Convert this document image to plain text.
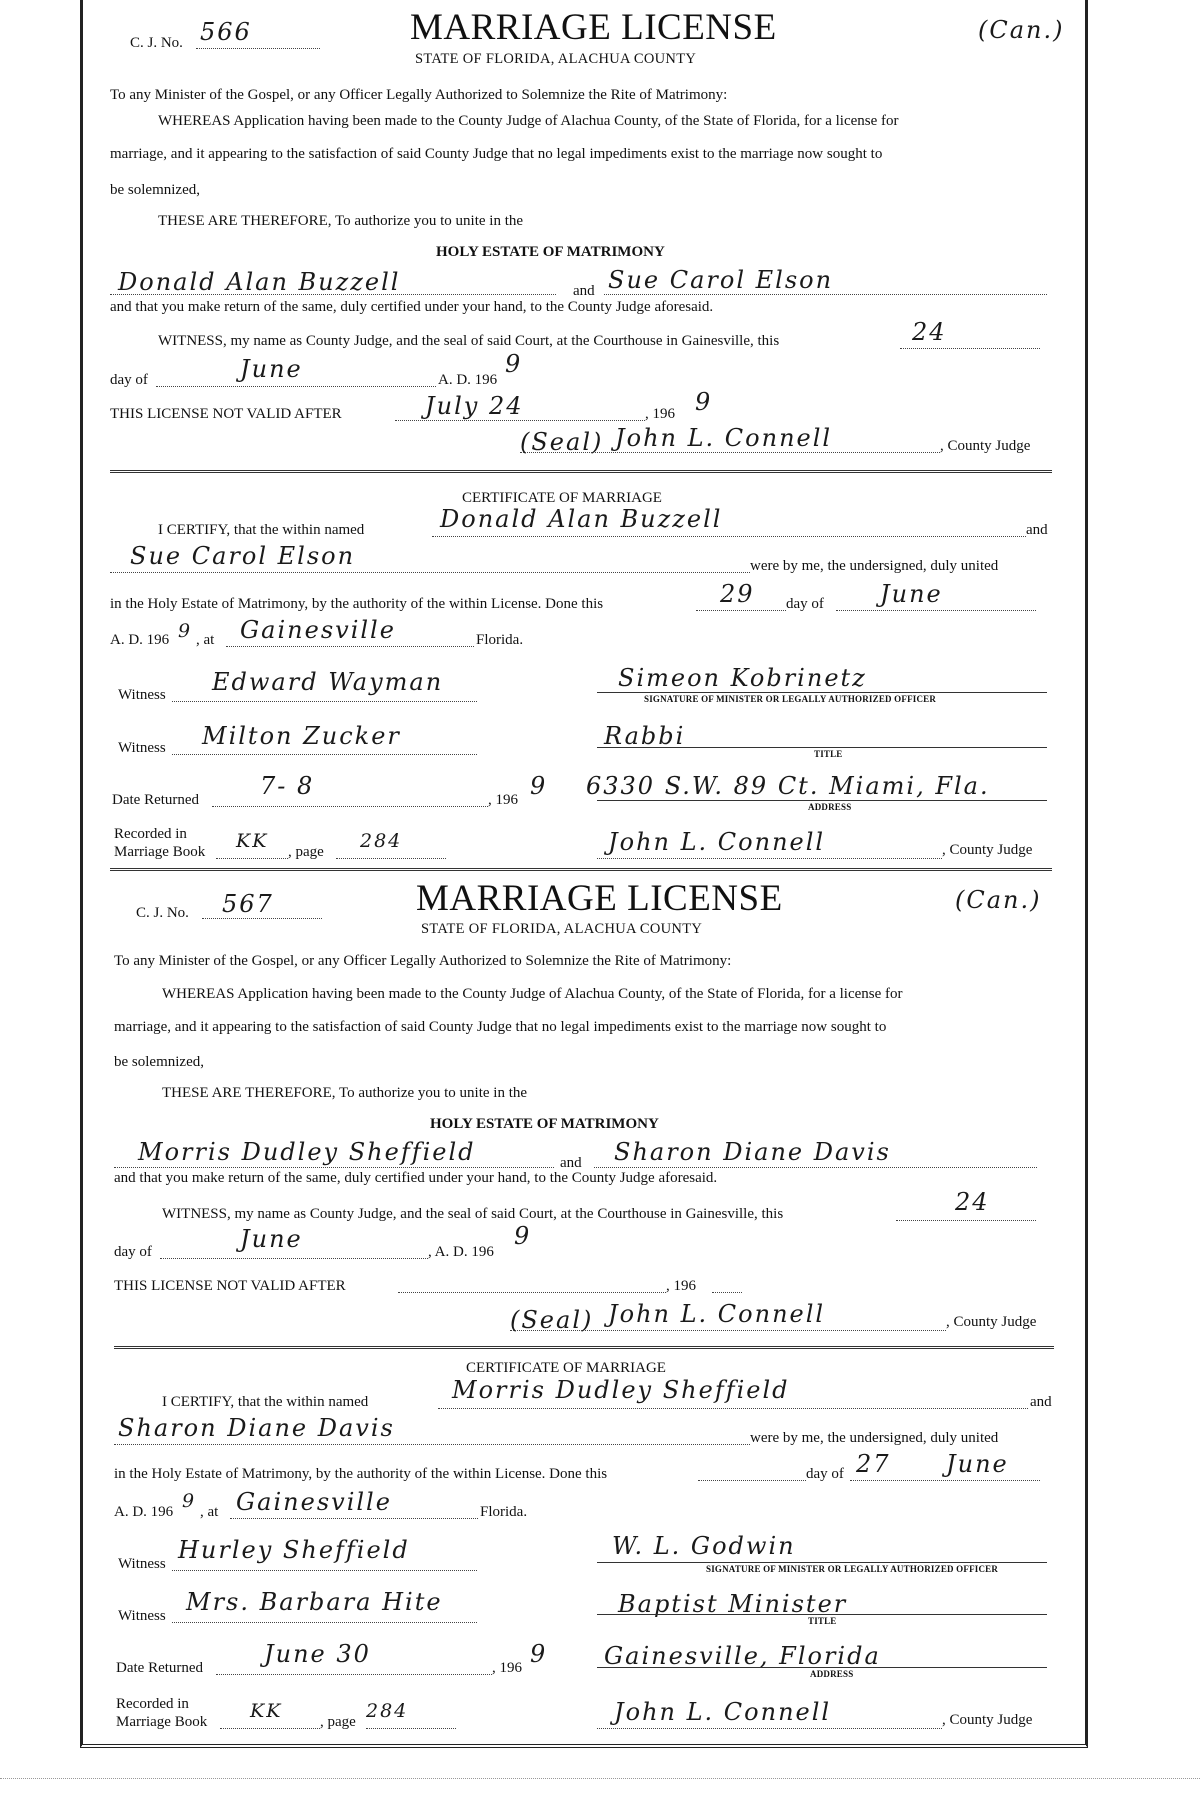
C. J. No. 566	MARRIAGE LICENSE
STATE OF FLORIDA, ALACHUA COUNTY
(Can.)
To any Minister of the Gospel, or any Officer Legally Authorized to Solemnize the Rite of Matrimony:
WHEREAS Application having been made to the County Judge of Alachua County, of the State of Florida, for a license for
marriage, and it appearing to the satisfaction of said County Judge that no legal impediments exist to the marriage now sought to
be solemnized,
THESE ARE THEREFORE, To authorize you to unite in the
HOLY ESTATE OF MATRIMONY
Donald Alan Buzzell	and Sue Carol Elson
and that you make return of the same, duly certified under your hand, to the County Judge aforesaid.
WITNESS, my name as County Judge, and the seal of said Court, at the Courthouse in Gainesville, this	24
day of	June	A. D. 196
9
THIS LICENSE NOT VALID AFTER	July 24	, 196 9
(Seal) John L. Connell	, County Judge
CERTIFICATE OF MARRIAGE
I CERTIFY, that the within named	Donald Alan Buzzell	and
Sue Carol Elson	were by me, the undersigned, duly united
in the Holy Estate of Matrimony, by the authority of the within License. Done this	29 day of June
A. D. 196 9 , at Gainesville	Florida.
Witness Edward Wayman	Simeon Kobrinetz
SIGNATURE OF MINISTER OR LEGALLY AUTHORIZED OFFICER
Witness Milton Zucker	Rabbi
TITLE
Date Returned	7- 8	, 196 9 6330 S.W. 89 Ct. Miami, Fla.
ADDRESS
Recorded in
Marriage Book KK , page 284	John L. Connell	, County Judge
C. J. No. 567	MARRIAGE LICENSE
STATE OF FLORIDA, ALACHUA COUNTY
(Can.)
To any Minister of the Gospel, or any Officer Legally Authorized to Solemnize the Rite of Matrimony:
WHEREAS Application having been made to the County Judge of Alachua County, of the State of Florida, for a license for
marriage, and it appearing to the satisfaction of said County Judge that no legal impediments exist to the marriage now sought to
be solemnized,
THESE ARE THEREFORE, To authorize you to unite in the
HOLY ESTATE OF MATRIMONY
Morris Dudley Sheffield	and Sharon Diane Davis
and that you make return of the same, duly certified under your hand, to the County Judge aforesaid.
WITNESS, my name as County Judge, and the seal of said Court, at the Courthouse in Gainesville, this	24
day of	June	, A. D. 196
9
THIS LICENSE NOT VALID AFTER	, 196
(Seal) John L. Connell	, County Judge
CERTIFICATE OF MARRIAGE
I CERTIFY, that the within named	Morris Dudley Sheffield	and
Sharon Diane Davis	were by me, the undersigned, duly united
in the Holy Estate of Matrimony, by the authority of the within License. Done this	day of 27 June
A. D. 196 9 , at Gainesville	Florida.
Witness Hurley Sheffield	W. L. Godwin
SIGNATURE OF MINISTER OR LEGALLY AUTHORIZED OFFICER
Witness Mrs. Barbara Hite	Baptist Minister
TITLE
Date Returned	June 30	, 196 9 Gainesville, Florida
ADDRESS
Recorded in
Marriage Book KK	, page 284	John L. Connell	, County Judge
